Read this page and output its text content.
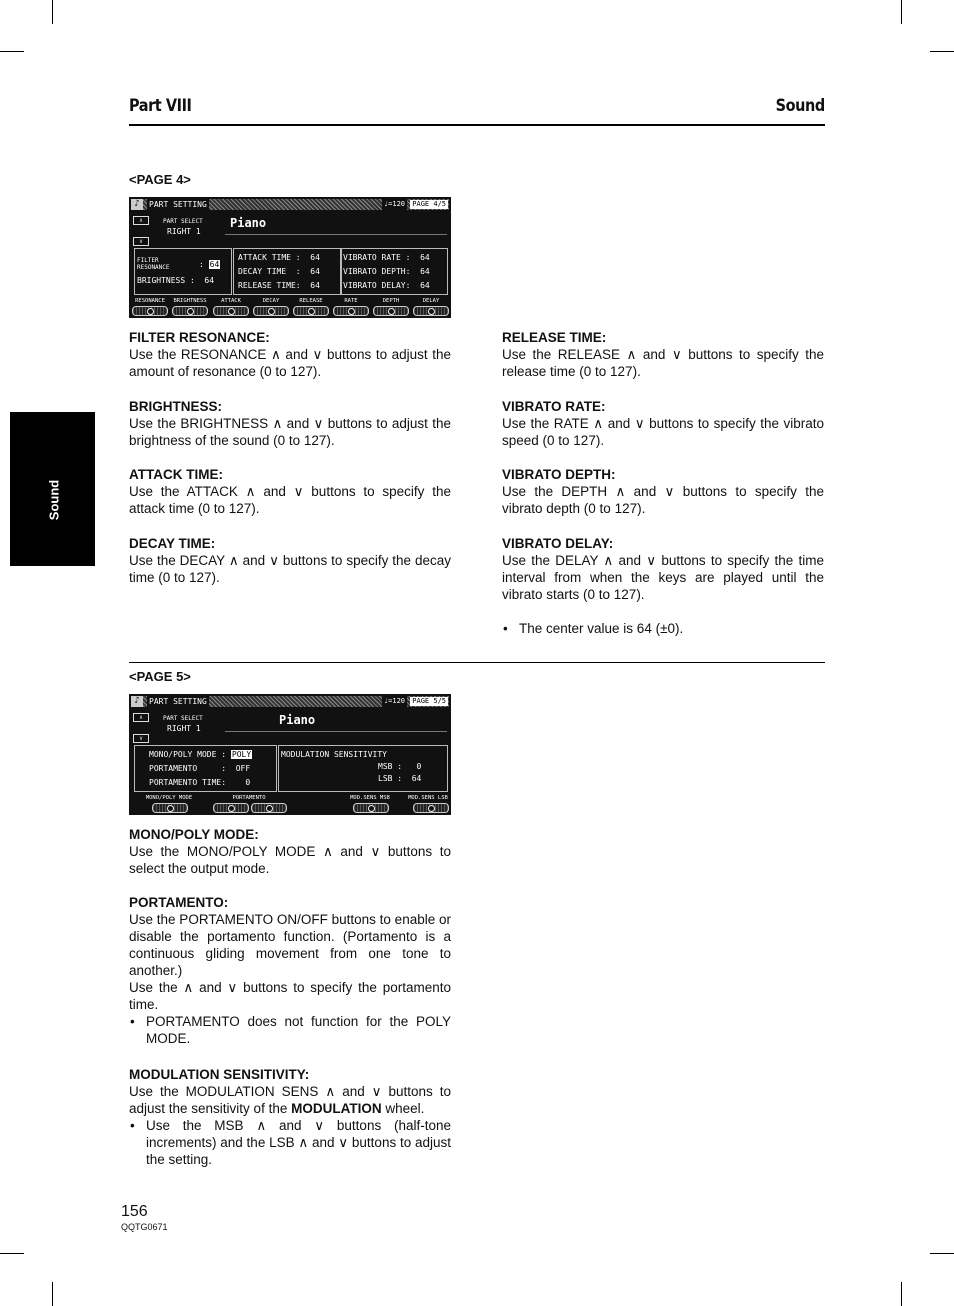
Part VIII	Sound
Sound
<PAGE 4>
♪	PART SETTING	♩=120 PAGE 4/5
∧
∨
PART SELECT
RIGHT 1
Piano
FILTER
RESONANCE	: 64
BRIGHTNESS :  64
ATTACK TIME :  64
DECAY TIME  :  64
RELEASE TIME:  64
VIBRATO RATE :  64
VIBRATO DEPTH:  64
VIBRATO DELAY:  64
RESONANCE	BRIGHTNESS	ATTACK	DECAY	RELEASE	RATE	DEPTH	DELAY
FILTER RESONANCE:
Use the RESONANCE ∧ and ∨ buttons to adjust the amount of resonance (0 to 127).
BRIGHTNESS:
Use the BRIGHTNESS ∧ and ∨ buttons to adjust the brightness of the sound (0 to 127).
ATTACK TIME:
Use the ATTACK ∧ and ∨ buttons to specify the attack time (0 to 127).
DECAY TIME:
Use the DECAY ∧ and ∨ buttons to specify the decay time (0 to 127).
RELEASE TIME:
Use the RELEASE ∧ and ∨ buttons to specify the release time (0 to 127).
VIBRATO RATE:
Use the RATE ∧ and ∨ buttons to specify the vibrato speed (0 to 127).
VIBRATO DEPTH:
Use the DEPTH ∧ and ∨ buttons to specify the vibrato depth (0 to 127).
VIBRATO DELAY:
Use the DELAY ∧ and ∨ buttons to specify the time interval from when the keys are played until the vibrato starts (0 to 127).
• The center value is 64 (±0).
<PAGE 5>
♪	PART SETTING	♩=120 PAGE 5/5
∧
∨
PART SELECT
RIGHT 1
Piano
MONO/POLY MODE : POLY
PORTAMENTO     :  OFF
PORTAMENTO TIME:    0
MODULATION SENSITIVITY
MSB :   0
LSB :  64
MONO/POLY MODE	PORTAMENTO	MOD.SENS MSB	MOD.SENS LSB
MONO/POLY MODE:
Use the MONO/POLY MODE ∧ and ∨ buttons to select the output mode.
PORTAMENTO:
Use the PORTAMENTO ON/OFF buttons to enable or disable the portamento function. (Portamento is a continuous gliding movement from one tone to another.)
Use the ∧ and ∨ buttons to specify the portamento time.
• PORTAMENTO does not function for the POLY MODE.
MODULATION SENSITIVITY:
Use the MODULATION SENS ∧ and ∨ buttons to adjust the sensitivity of the MODULATION wheel.
• Use the MSB ∧ and ∨ buttons (half-tone increments) and the LSB ∧ and ∨ buttons to adjust the setting.
156
QQTG0671
